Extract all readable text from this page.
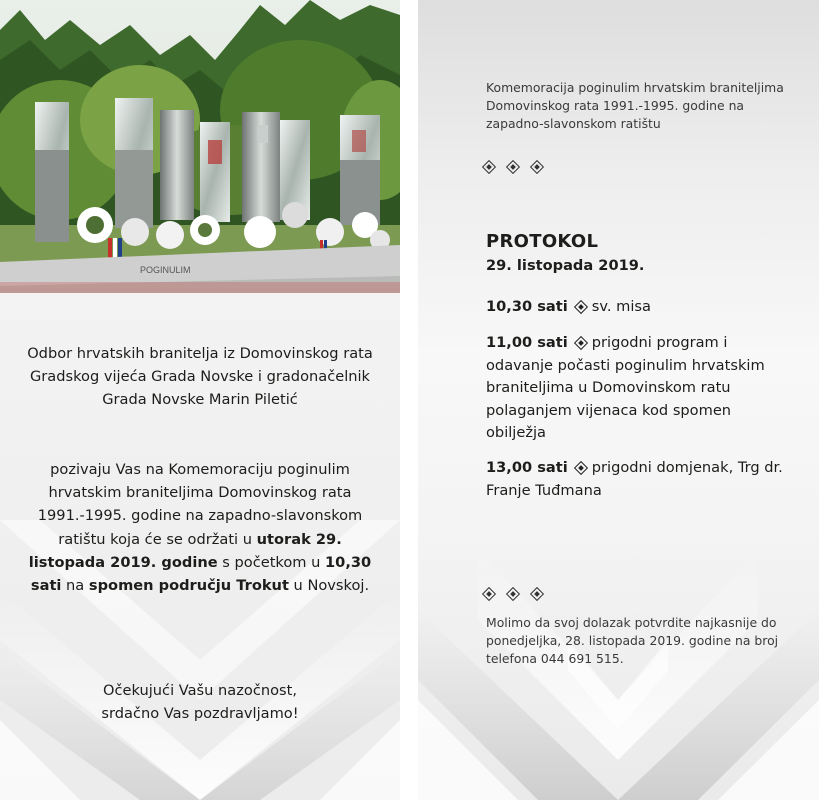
POGINULIM
Odbor hrvatskih branitelja iz Domovinskog rata Gradskog vijeća Grada Novske i gradonačelnik Grada Novske Marin Piletić
pozivaju Vas na Komemoraciju poginulim hrvatskim braniteljima Domovinskog rata 1991.-1995. godine na zapadno-slavonskom ratištu koja će se održati u utorak 29. listopada 2019. godine s početkom u 10,30 sati na spomen području Trokut u Novskoj.
Očekujući Vašu nazočnost,
srdačno Vas pozdravljamo!
Komemoracija poginulim hrvatskim braniteljima Domovinskog rata 1991.-1995. godine na zapadno-slavonskom ratištu
PROTOKOL
29. listopada 2019.
10,30 sati sv. misa
11,00 sati prigodni program i odavanje počasti poginulim hrvatskim braniteljima u Domovinskom ratu polaganjem vijenaca kod spomen obilježja
13,00 sati prigodni domjenak, Trg dr. Franje Tuđmana
Molimo da svoj dolazak potvrdite najkasnije do ponedjeljka, 28. listopada 2019. godine na broj telefona 044 691 515.
